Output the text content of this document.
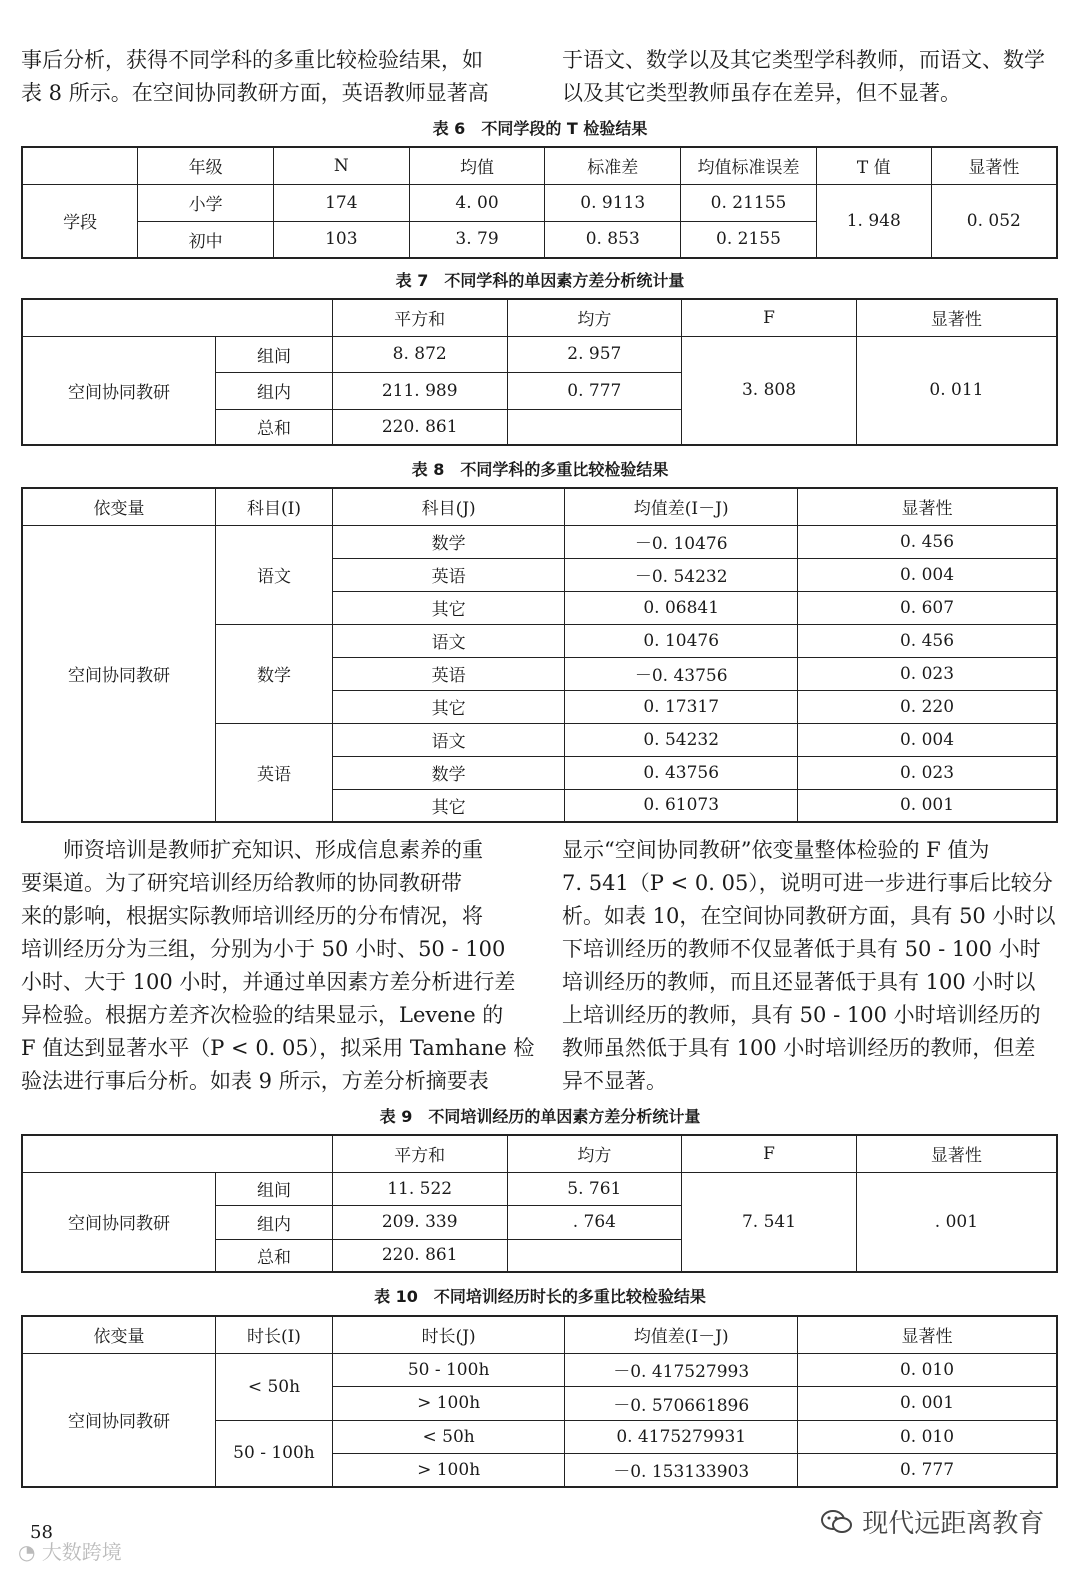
事后分析，获得不同学科的多重比较检验结果，如
表 8 所示。在空间协同教研方面，英语教师显著高
于语文、数学以及其它类型学科教师，而语文、数学
以及其它类型教师虽存在差异，但不显著。
表 6　不同学段的 T 检验结果
	年级	N	均值	标准差	均值标准误差	T 值	显著性
学段	小学	174	4. 00	0. 9113	0. 21155	1. 948	0. 052
	初中	103	3. 79	0. 853	0. 2155		
表 7　不同学科的单因素方差分析统计量
		平方和	均方	F	显著性
空间协同教研	组间	8. 872	2. 957	3. 808	0. 011
	组内	211. 989	0. 777		
	总和	220. 861			
表 8　不同学科的多重比较检验结果
依变量	科目(I)	科目(J)	均值差(I－J)	显著性
空间协同教研	语文	数学	－0. 10476	0. 456
		英语	－0. 54232	0. 004
		其它	0. 06841	0. 607
	数学	语文	0. 10476	0. 456
		英语	－0. 43756	0. 023
		其它	0. 17317	0. 220
	英语	语文	0. 54232	0. 004
		数学	0. 43756	0. 023
		其它	0. 61073	0. 001
　　师资培训是教师扩充知识、形成信息素养的重
要渠道。为了研究培训经历给教师的协同教研带
来的影响，根据实际教师培训经历的分布情况，将
培训经历分为三组，分别为小于 50 小时、50 - 100
小时、大于 100 小时，并通过单因素方差分析进行差
异检验。根据方差齐次检验的结果显示，Levene 的
F 值达到显著水平（P < 0. 05），拟采用 Tamhane 检
验法进行事后分析。如表 9 所示，方差分析摘要表
显示“空间协同教研”依变量整体检验的 F 值为
7. 541（P < 0. 05），说明可进一步进行事后比较分
析。如表 10，在空间协同教研方面，具有 50 小时以
下培训经历的教师不仅显著低于具有 50 - 100 小时
培训经历的教师，而且还显著低于具有 100 小时以
上培训经历的教师，具有 50 - 100 小时培训经历的
教师虽然低于具有 100 小时培训经历的教师，但差
异不显著。
表 9　不同培训经历的单因素方差分析统计量
		平方和	均方	F	显著性
空间协同教研	组间	11. 522	5. 761	7. 541	. 001
	组内	209. 339	. 764		
	总和	220. 861			
表 10　不同培训经历时长的多重比较检验结果
依变量	时长(I)	时长(J)	均值差(I－J)	显著性
空间协同教研	< 50h	50 - 100h	－0. 417527993	0. 010
		> 100h	－0. 570661896	0. 001
	50 - 100h	< 50h	0. 4175279931	0. 010
		> 100h	－0. 153133903	0. 777
58
◔ 大数跨境
现代远距离教育
